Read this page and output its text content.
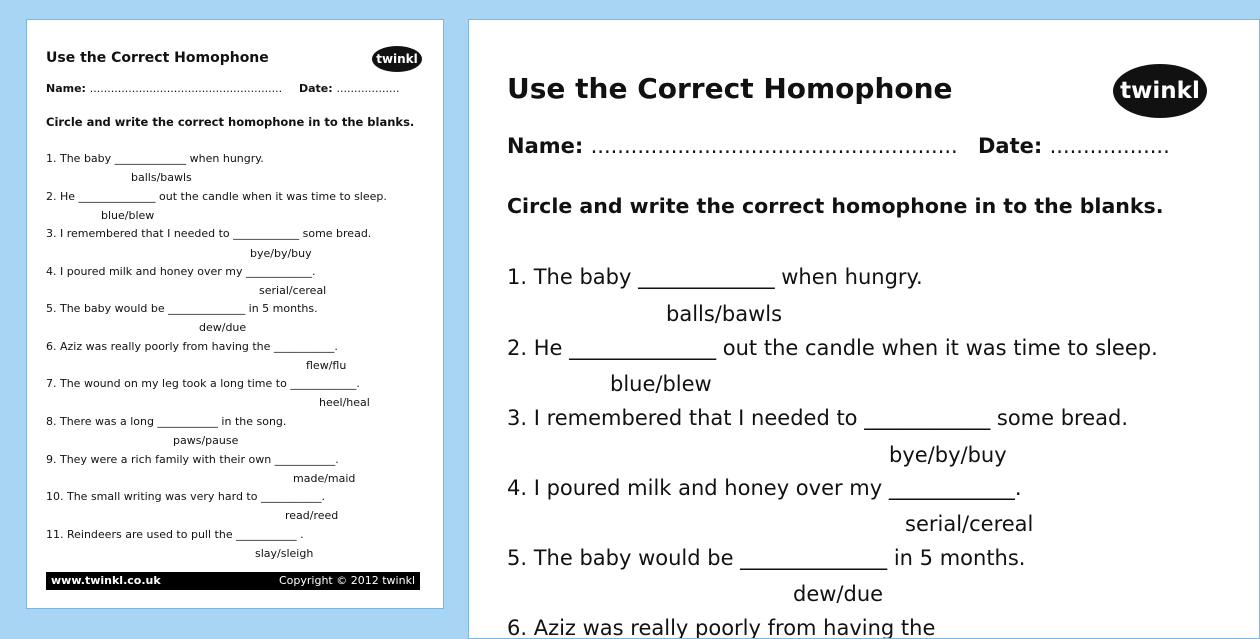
Use the Correct Homophone	twinkl
Name: ....................................................... Date: ..................
Circle and write the correct homophone in to the blanks.
1. The baby _____________ when hungry.
balls/bawls
2. He ______________ out the candle when it was time to sleep.
blue/blew
3. I remembered that I needed to ____________ some bread.
bye/by/buy
4. I poured milk and honey over my ____________.
serial/cereal
5. The baby would be ______________ in 5 months.
dew/due
6. Aziz was really poorly from having the ___________.
flew/flu
7. The wound on my leg took a long time to ____________.
heel/heal
8. There was a long ___________ in the song.
paws/pause
9. They were a rich family with their own ___________.
made/maid
10. The small writing was very hard to ___________.
read/reed
11. Reindeers are used to pull the ___________ .
slay/sleigh
www.twinkl.co.uk	Copyright © 2012 twinkl
Use the Correct Homophone	twinkl
Name: ....................................................... Date: ..................
Circle and write the correct homophone in to the blanks.
1. The baby _____________ when hungry.
balls/bawls
2. He ______________ out the candle when it was time to sleep.
blue/blew
3. I remembered that I needed to ____________ some bread.
bye/by/buy
4. I poured milk and honey over my ____________.
serial/cereal
5. The baby would be ______________ in 5 months.
dew/due
6. Aziz was really poorly from having the
